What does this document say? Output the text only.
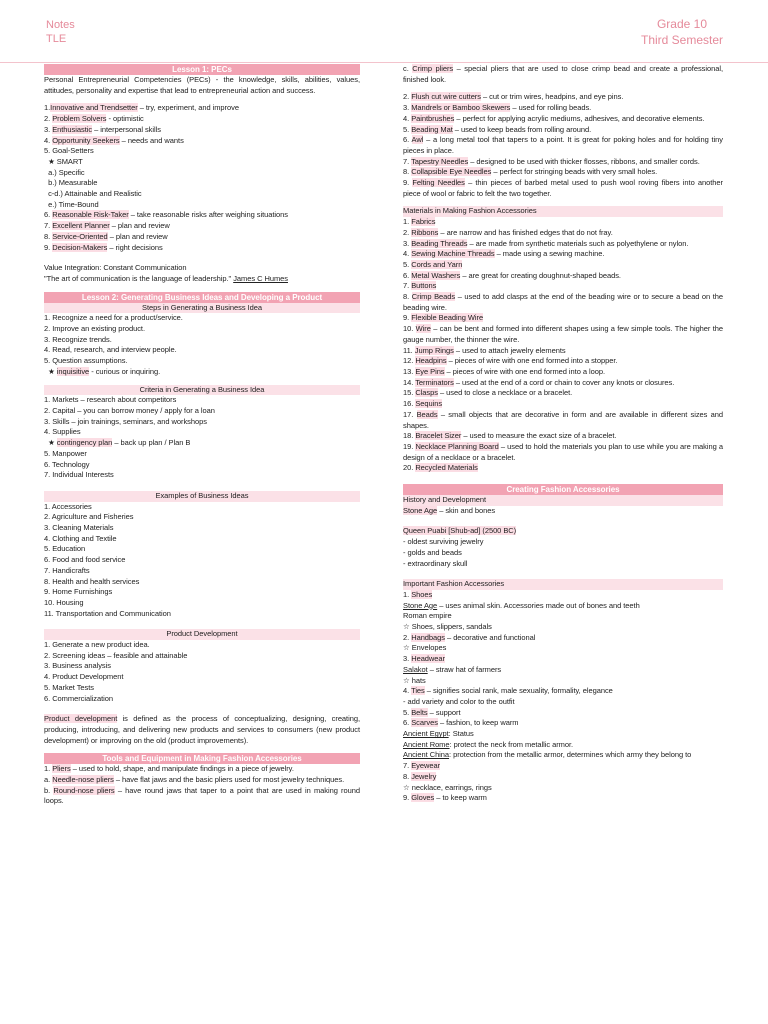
Notes
TLE
Grade 10
Third Semester
Lesson 1: PECs
Personal Entrepreneurial Competencies (PECs) - the knowledge, skills, abilities, values, attitudes, personality and expertise that lead to entrepreneurial action and success.
1.Innovative and Trendsetter – try, experiment, and improve
2. Problem Solvers - optimistic
3. Enthusiastic – interpersonal skills
4. Opportunity Seekers – needs and wants
5. Goal-Setters
★ SMART
a.) Specific
b.) Measurable
c-d.) Attainable and Realistic
e.) Time-Bound
6. Reasonable Risk-Taker – take reasonable risks after weighing situations
7. Excellent Planner – plan and review
8. Service-Oriented – plan and review
9. Decision-Makers – right decisions
Value Integration: Constant Communication
"The art of communication is the language of leadership." James C Humes
Lesson 2: Generating Business Ideas and Developing a Product
Steps in Generating a Business Idea
1. Recognize a need for a product/service.
2. Improve an existing product.
3. Recognize trends.
4. Read, research, and interview people.
5. Question assumptions.
★ inquisitive - curious or inquiring.
Criteria in Generating a Business Idea
1. Markets – research about competitors
2. Capital – you can borrow money / apply for a loan
3. Skills – join trainings, seminars, and workshops
4. Supplies
★ contingency plan – back up plan / Plan B
5. Manpower
6. Technology
7. Individual Interests
Examples of Business Ideas
1. Accessories
2. Agriculture and Fisheries
3. Cleaning Materials
4. Clothing and Textile
5. Education
6. Food and food service
7. Handicrafts
8. Health and health services
9. Home Furnishings
10. Housing
11. Transportation and Communication
Product Development
1. Generate a new product idea.
2. Screening ideas – feasible and attainable
3. Business analysis
4. Product Development
5. Market Tests
6. Commercialization
Product development is defined as the process of conceptualizing, designing, creating, producing, introducing, and delivering new products and services to consumers (new product development) or improving on the old (product improvements).
Tools and Equipment in Making Fashion Accessories
1. Pliers – used to hold, shape, and manipulate findings in a piece of jewelry.
a. Needle-nose pliers – have flat jaws and the basic pliers used for most jewelry techniques.
b. Round-nose pliers – have round jaws that taper to a point that are used in making round loops.
c. Crimp pliers – special pliers that are used to close crimp bead and create a professional, finished look.
2. Flush cut wire cutters – cut or trim wires, headpins, and eye pins.
3. Mandrels or Bamboo Skewers – used for rolling beads.
4. Paintbrushes – perfect for applying acrylic mediums, adhesives, and decorative elements.
5. Beading Mat – used to keep beads from rolling around.
6. Awl – a long metal tool that tapers to a point. It is great for poking holes and for holding tiny pieces in place.
7. Tapestry Needles – designed to be used with thicker flosses, ribbons, and smaller cords.
8. Collapsible Eye Needles – perfect for stringing beads with very small holes.
9. Felting Needles – thin pieces of barbed metal used to push wool roving fibers into another piece of wool or fabric to felt the two together.
Materials in Making Fashion Accessories
1. Fabrics
2. Ribbons – are narrow and has finished edges that do not fray.
3. Beading Threads – are made from synthetic materials such as polyethylene or nylon.
4. Sewing Machine Threads – made using a sewing machine.
5. Cords and Yarn
6. Metal Washers – are great for creating doughnut-shaped beads.
7. Buttons
8. Crimp Beads – used to add clasps at the end of the beading wire or to secure a bead on the beading wire.
9. Flexible Beading Wire
10. Wire – can be bent and formed into different shapes using a few simple tools. The higher the gauge number, the thinner the wire.
11. Jump Rings – used to attach jewelry elements
12. Headpins – pieces of wire with one end formed into a stopper.
13. Eye Pins – pieces of wire with one end formed into a loop.
14. Terminators – used at the end of a cord or chain to cover any knots or closures.
15. Clasps – used to close a necklace or a bracelet.
16. Sequins
17. Beads – small objects that are decorative in form and are available in different sizes and shapes.
18. Bracelet Sizer – used to measure the exact size of a bracelet.
19. Necklace Planning Board – used to hold the materials you plan to use while you are making a design of a necklace or a bracelet.
20. Recycled Materials
Creating Fashion Accessories
History and Development
Stone Age – skin and bones
Queen Puabi [Shub-ad] (2500 BC)
- oldest surviving jewelry
- golds and beads
- extraordinary skull
Important Fashion Accessories
1. Shoes
Stone Age – uses animal skin. Accessories made out of bones and teeth
Roman empire
☆ Shoes, slippers, sandals
2. Handbags – decorative and functional
☆ Envelopes
3. Headwear
Salakot – straw hat of farmers
☆ hats
4. Ties – signifies social rank, male sexuality, formality, elegance
- add variety and color to the outfit
5. Belts – support
6. Scarves – fashion, to keep warm
Ancient Egypt: Status
Ancient Rome: protect the neck from metallic armor.
Ancient China: protection from the metallic armor, determines which army they belong to
7. Eyewear
8. Jewelry
☆ necklace, earrings, rings
9. Gloves – to keep warm
